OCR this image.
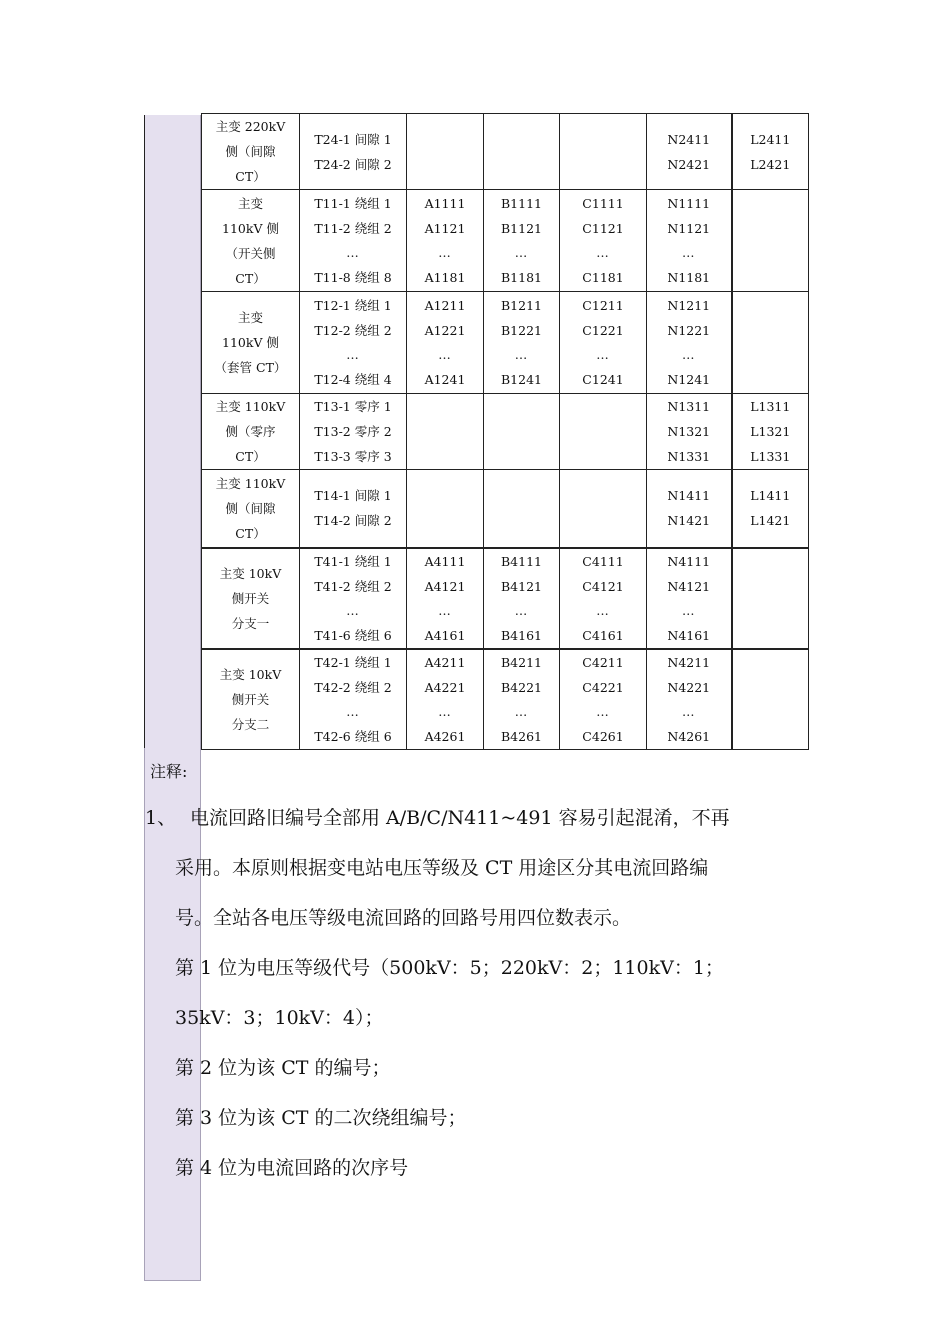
主变 220kV
侧（间隙
CT）	T24-1 间隙 1
T24-2 间隙 2				N2411
N2421	L2411
L2421

主变
110kV 侧
（开关侧
CT）	T11-1 绕组 1
T11-2 绕组 2
…
T11-8 绕组 8	A1111
A1121
…
A1181	B1111
B1121
…
B1181	C1111
C1121
…
C1181	N1111
N1121
…
N1181	

主变
110kV 侧
（套管 CT）	T12-1 绕组 1
T12-2 绕组 2
…
T12-4 绕组 4	A1211
A1221
…
A1241	B1211
B1221
…
B1241	C1211
C1221
…
C1241	N1211
N1221
…
N1241	

主变 110kV
侧（零序
CT）	T13-1 零序 1
T13-2 零序 2
T13-3 零序 3				N1311
N1321
N1331	L1311
L1321
L1331

主变 110kV
侧（间隙
CT）	T14-1 间隙 1
T14-2 间隙 2				N1411
N1421	L1411
L1421

主变 10kV
侧开关
分支一	T41-1 绕组 1
T41-2 绕组 2
…
T41-6 绕组 6	A4111
A4121
…
A4161	B4111
B4121
…
B4161	C4111
C4121
…
C4161	N4111
N4121
…
N4161	

主变 10kV
侧开关
分支二	T42-1 绕组 1
T42-2 绕组 2
…
T42-6 绕组 6	A4211
A4221
…
A4261	B4211
B4221
…
B4261	C4211
C4221
…
C4261	N4211
N4221
…
N4261	

注释:
1、 电流回路旧编号全部用 A/B/C/N411~491 容易引起混淆，不再
采用。本原则根据变电站电压等级及 CT 用途区分其电流回路编
号。全站各电压等级电流回路的回路号用四位数表示。
第 1 位为电压等级代号（500kV：5；220kV：2；110kV：1；
35kV：3；10kV：4）；
第 2 位为该 CT 的编号；
第 3 位为该 CT 的二次绕组编号；
第 4 位为电流回路的次序号
